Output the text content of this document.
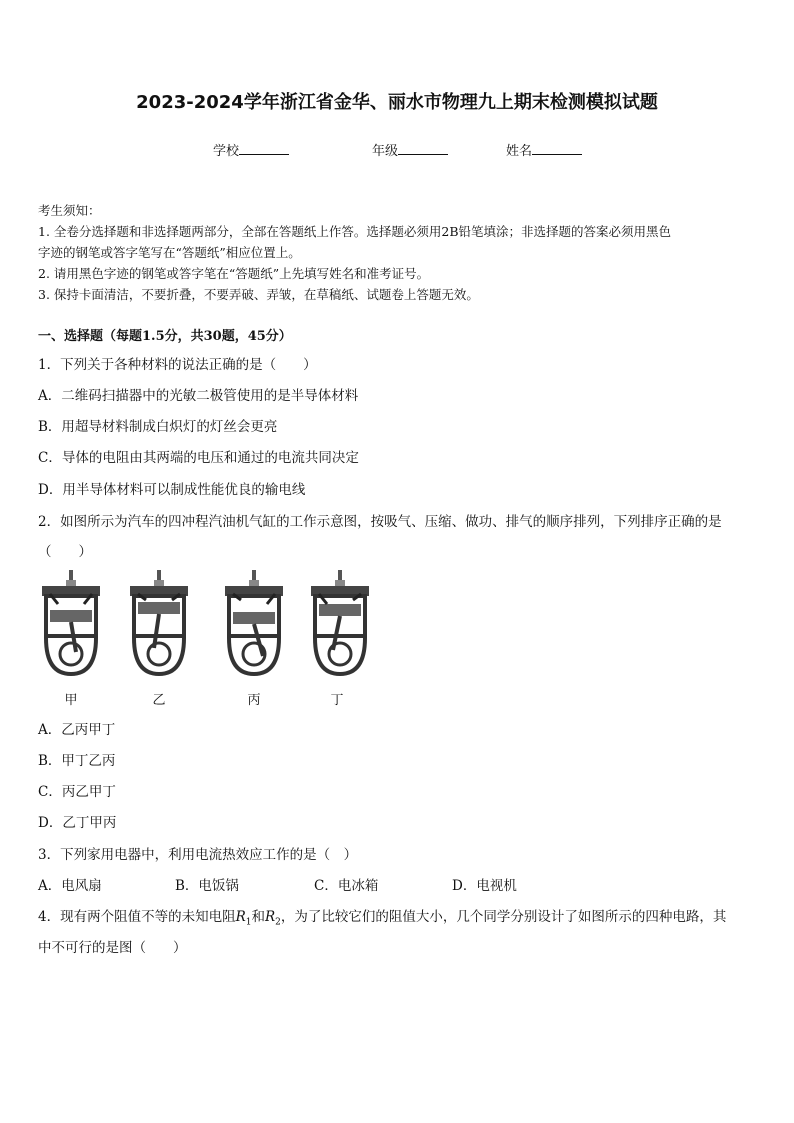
2023-2024学年浙江省金华、丽水市物理九上期末检测模拟试题
学校	年级	姓名
考生须知：
1. 全卷分选择题和非选择题两部分，全部在答题纸上作答。选择题必须用2B铅笔填涂；非选择题的答案必须用黑色
字迹的钢笔或答字笔写在“答题纸”相应位置上。
2. 请用黑色字迹的钢笔或答字笔在“答题纸”上先填写姓名和准考证号。
3. 保持卡面清洁，不要折叠，不要弄破、弄皱，在草稿纸、试题卷上答题无效。
一、选择题（每题1.5分，共30题，45分）
1．下列关于各种材料的说法正确的是（　　）
A．二维码扫描器中的光敏二极管使用的是半导体材料
B．用超导材料制成白炽灯的灯丝会更亮
C．导体的电阻由其两端的电压和通过的电流共同决定
D．用半导体材料可以制成性能优良的输电线
2．如图所示为汽车的四冲程汽油机气缸的工作示意图，按吸气、压缩、做功、排气的顺序排列，下列排序正确的是
（　　）
甲	乙	丙	丁
A．乙丙甲丁
B．甲丁乙丙
C．丙乙甲丁
D．乙丁甲丙
3．下列家用电器中，利用电流热效应工作的是（　）
A．电风扇	B．电饭锅	C．电冰箱	D．电视机
4．现有两个阻值不等的未知电阻$R_1$和$R_2$，为了比较它们的阻值大小，几个同学分别设计了如图所示的四种电路，其
中不可行的是图（　　）
